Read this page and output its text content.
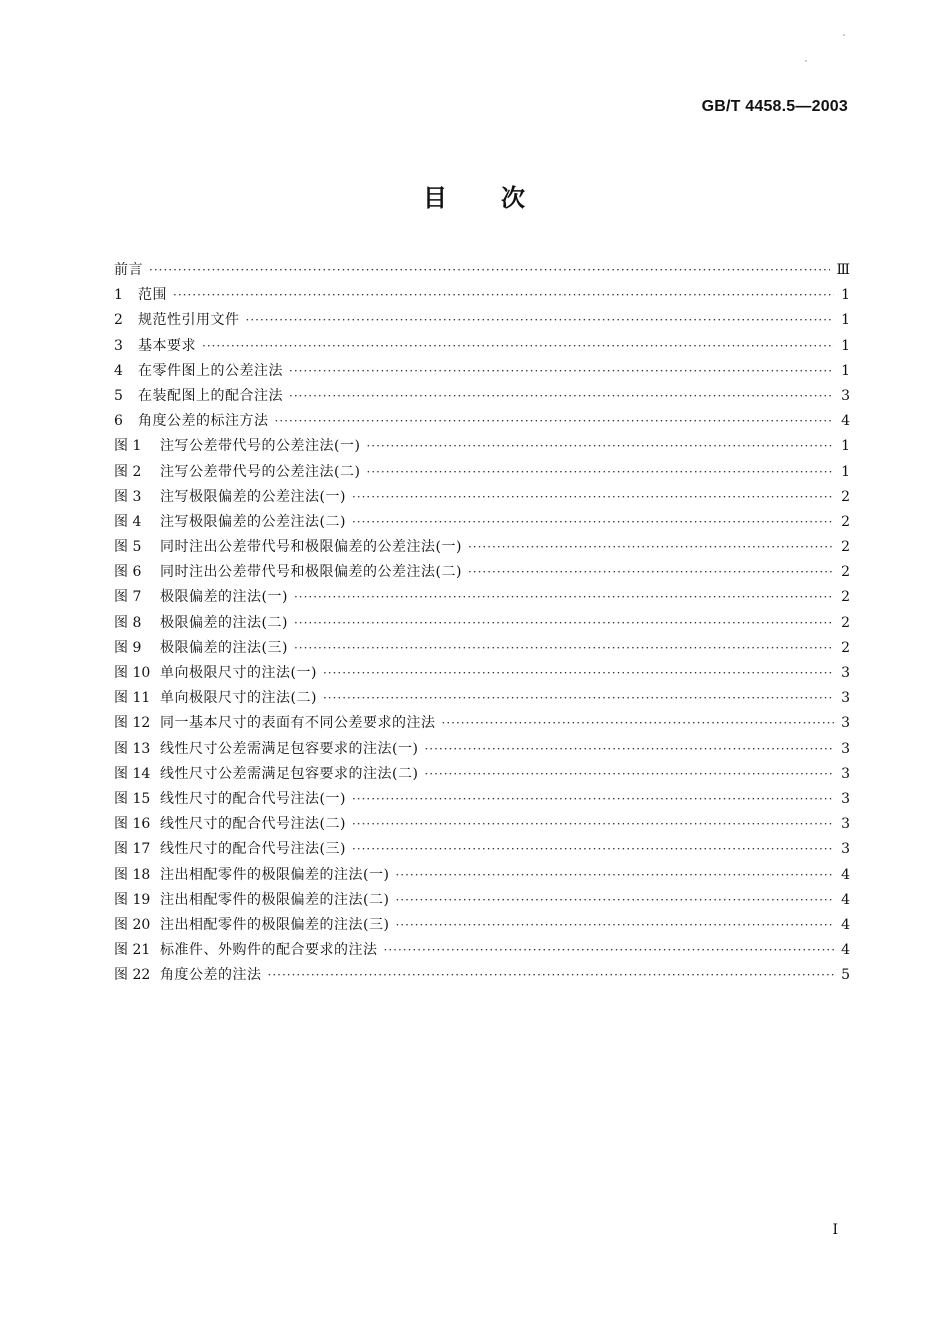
GB/T 4458.5—2003
目　　次
前言 ·····	Ⅲ
1	范围 ·····	1
2	规范性引用文件 ·····	1
3	基本要求 ·····	1
4	在零件图上的公差注法 ·····	1
5	在装配图上的配合注法 ·····	3
6	角度公差的标注方法 ·····	4
图 1	注写公差带代号的公差注法(一) ·····	1
图 2	注写公差带代号的公差注法(二) ·····	1
图 3	注写极限偏差的公差注法(一) ·····	2
图 4	注写极限偏差的公差注法(二) ·····	2
图 5	同时注出公差带代号和极限偏差的公差注法(一) ·····	2
图 6	同时注出公差带代号和极限偏差的公差注法(二) ·····	2
图 7	极限偏差的注法(一) ·····	2
图 8	极限偏差的注法(二) ·····	2
图 9	极限偏差的注法(三) ·····	2
图 10 单向极限尺寸的注法(一) ·····	3
图 11 单向极限尺寸的注法(二) ·····	3
图 12 同一基本尺寸的表面有不同公差要求的注法 ·····	3
图 13 线性尺寸公差需满足包容要求的注法(一) ·····	3
图 14 线性尺寸公差需满足包容要求的注法(二) ·····	3
图 15 线性尺寸的配合代号注法(一) ·····	3
图 16 线性尺寸的配合代号注法(二) ·····	3
图 17 线性尺寸的配合代号注法(三) ·····	3
图 18 注出相配零件的极限偏差的注法(一) ·····	4
图 19 注出相配零件的极限偏差的注法(二) ·····	4
图 20 注出相配零件的极限偏差的注法(三) ·····	4
图 21 标准件、外购件的配合要求的注法 ·····	4
图 22 角度公差的注法 ·····	5
Ⅰ
